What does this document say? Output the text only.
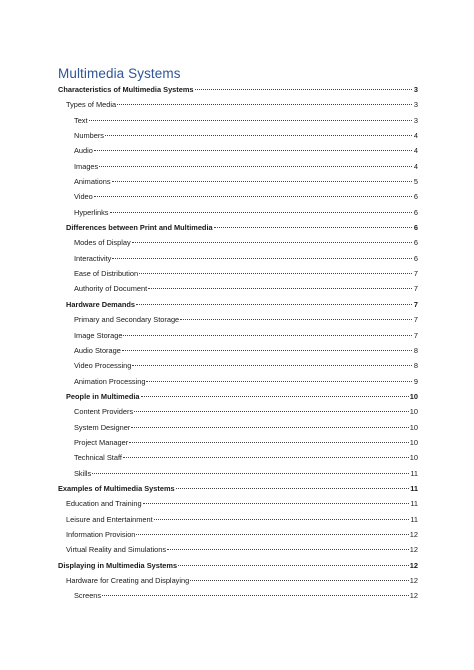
Multimedia Systems
Characteristics of Multimedia Systems	3
Types of Media	3
Text	3
Numbers	4
Audio	4
Images	4
Animations	5
Video	6
Hyperlinks	6
Differences between Print and Multimedia	6
Modes of Display	6
Interactivity	6
Ease of Distribution	7
Authority of Document	7
Hardware Demands	7
Primary and Secondary Storage	7
Image Storage	7
Audio Storage	8
Video Processing	8
Animation Processing	9
People in Multimedia	10
Content Providers	10
System Designer	10
Project Manager	10
Technical Staff	10
Skills	11
Examples of Multimedia Systems	11
Education and Training	11
Leisure and Entertainment	11
Information Provision	12
Virtual Reality and Simulations	12
Displaying in Multimedia Systems	12
Hardware for Creating and Displaying	12
Screens	12
